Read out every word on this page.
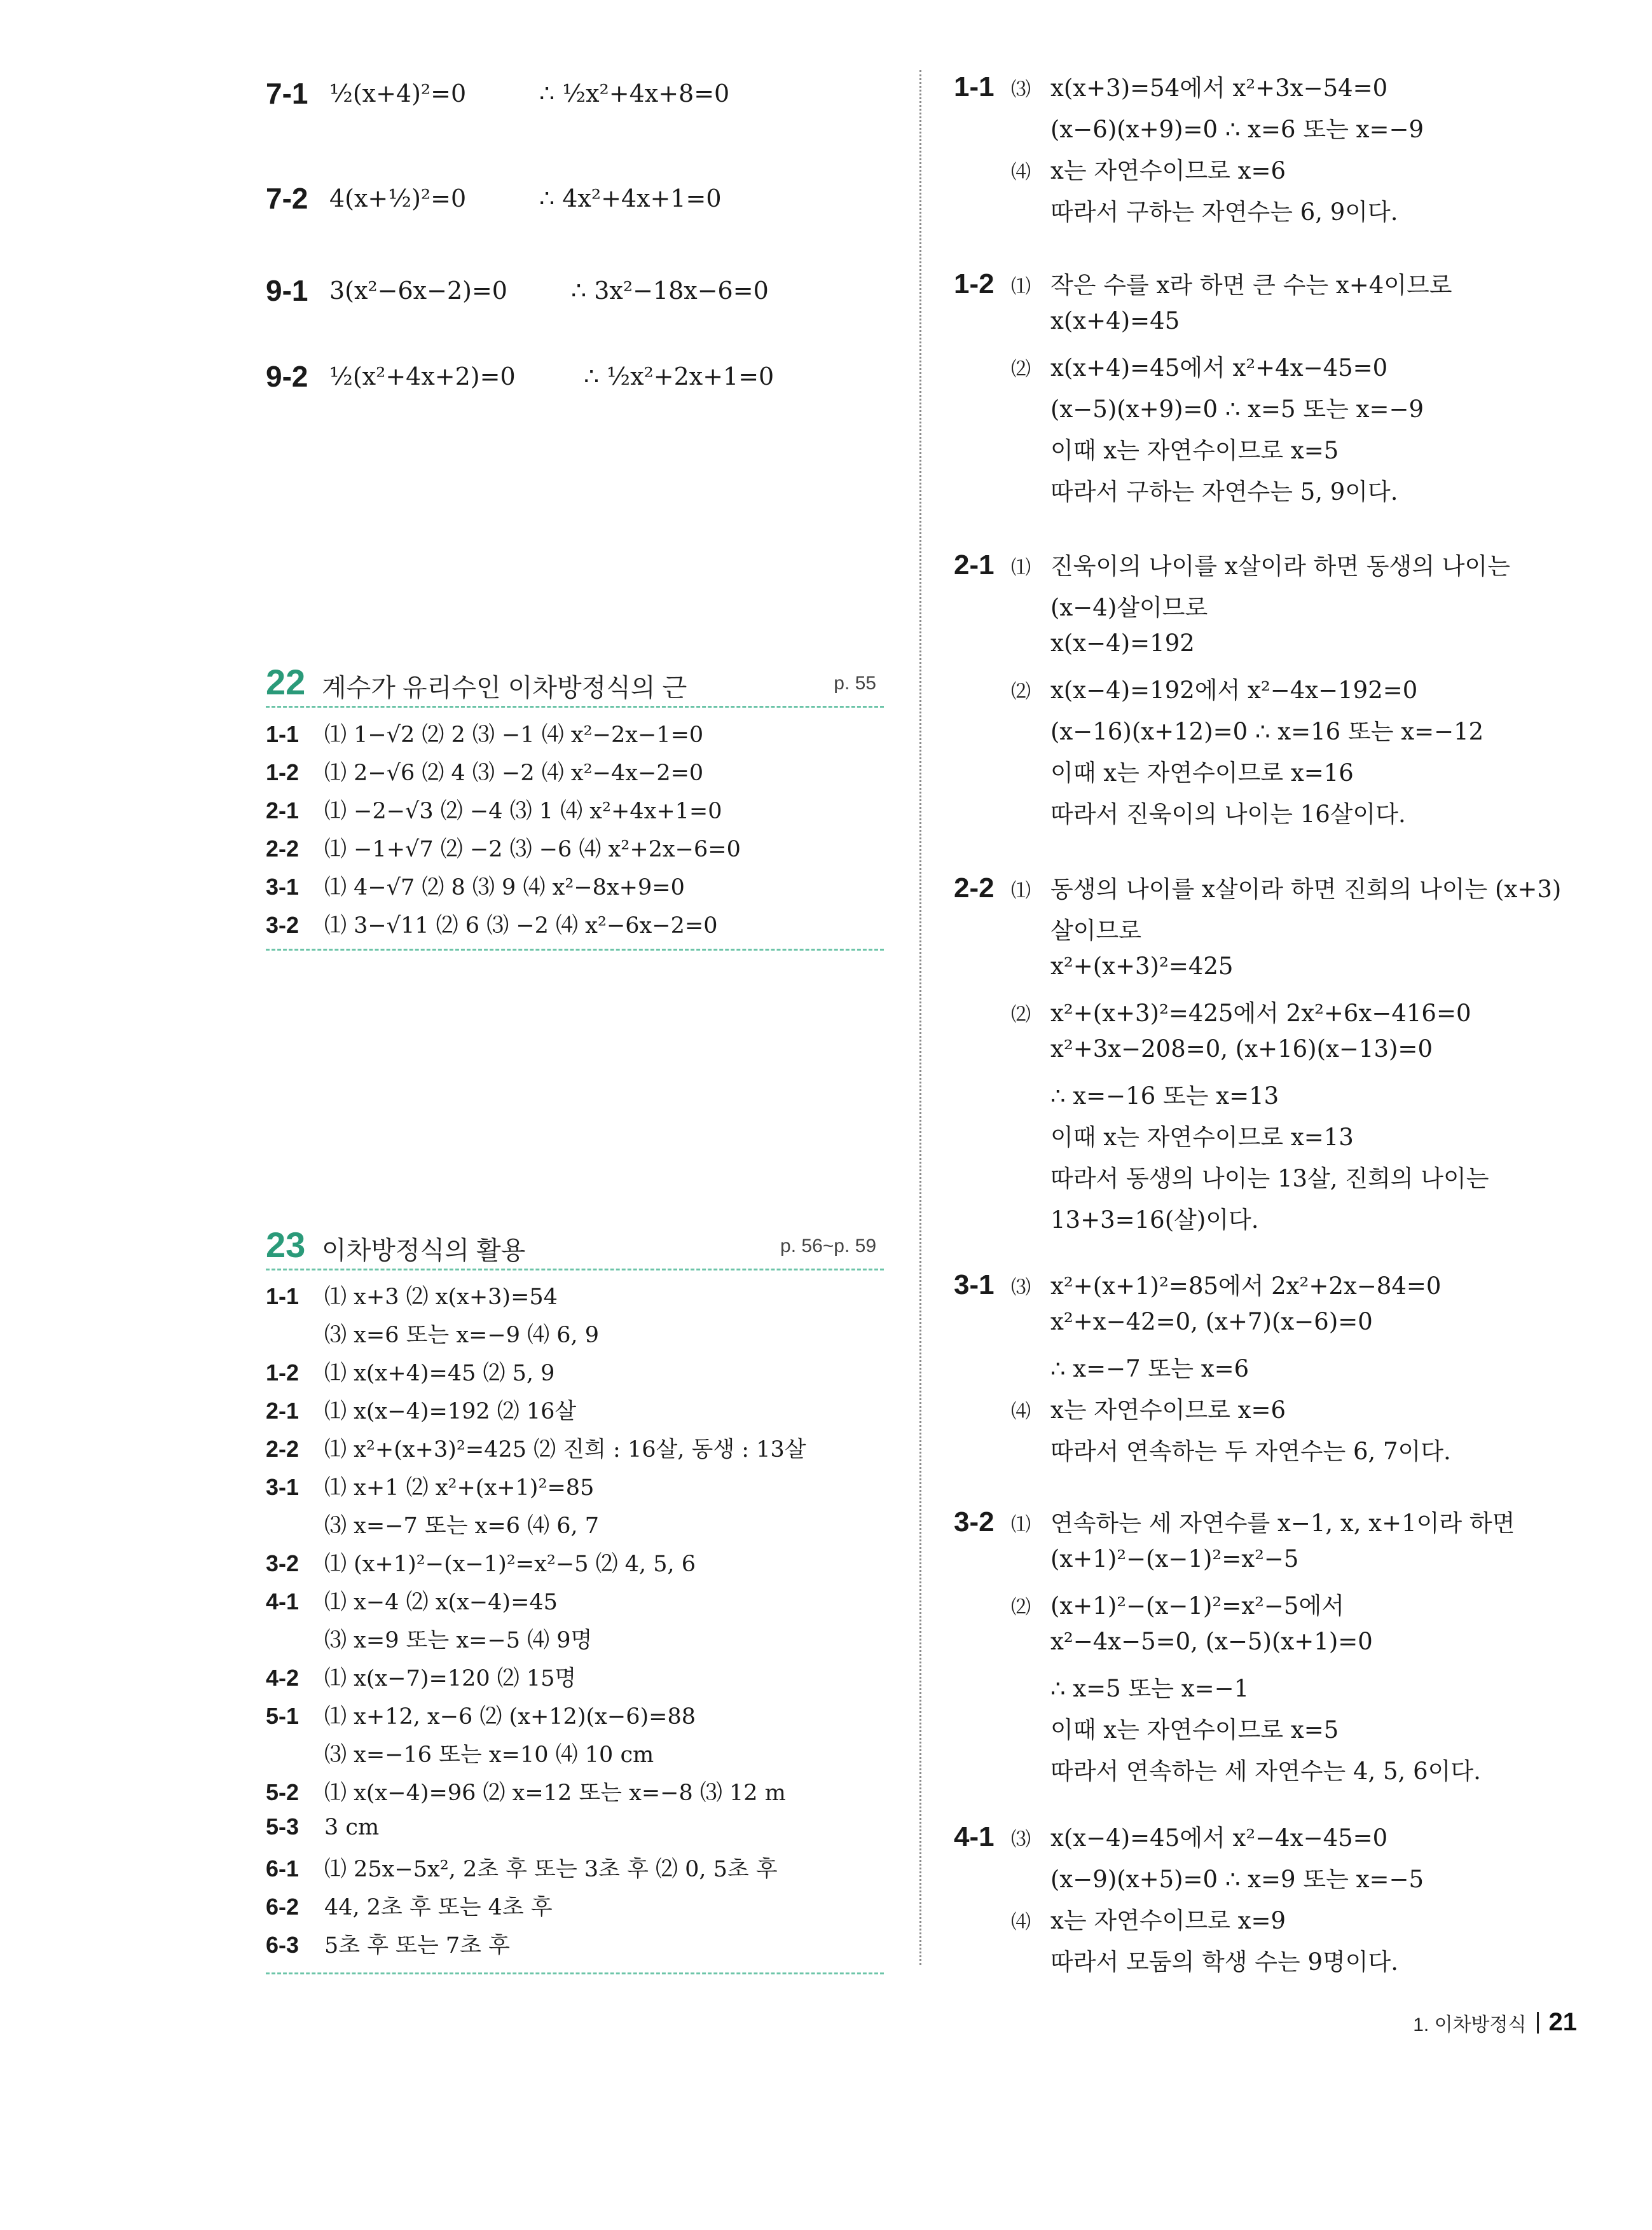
7-1 ½(x+4)²=0	∴ ½x²+4x+8=0
7-2 4(x+½)²=0	∴ 4x²+4x+1=0
9-1 3(x²−6x−2)=0	∴ 3x²−18x−6=0
9-2 ½(x²+4x+2)=0	∴ ½x²+2x+1=0
22 계수가 유리수인 이차방정식의 근	p. 55
1-1	⑴ 1−√2 ⑵ 2 ⑶ −1 ⑷ x²−2x−1=0
1-2	⑴ 2−√6 ⑵ 4 ⑶ −2 ⑷ x²−4x−2=0
2-1	⑴ −2−√3 ⑵ −4 ⑶ 1 ⑷ x²+4x+1=0
2-2	⑴ −1+√7 ⑵ −2 ⑶ −6 ⑷ x²+2x−6=0
3-1	⑴ 4−√7 ⑵ 8 ⑶ 9 ⑷ x²−8x+9=0
3-2	⑴ 3−√11 ⑵ 6 ⑶ −2 ⑷ x²−6x−2=0
23 이차방정식의 활용	p. 56~p. 59
1-1	⑴ x+3 ⑵ x(x+3)=54
⑶ x=6 또는 x=−9 ⑷ 6, 9
1-2	⑴ x(x+4)=45 ⑵ 5, 9
2-1	⑴ x(x−4)=192 ⑵ 16살
2-2	⑴ x²+(x+3)²=425 ⑵ 진희 : 16살, 동생 : 13살
3-1	⑴ x+1 ⑵ x²+(x+1)²=85
⑶ x=−7 또는 x=6 ⑷ 6, 7
3-2	⑴ (x+1)²−(x−1)²=x²−5 ⑵ 4, 5, 6
4-1	⑴ x−4 ⑵ x(x−4)=45
⑶ x=9 또는 x=−5 ⑷ 9명
4-2	⑴ x(x−7)=120 ⑵ 15명
5-1	⑴ x+12, x−6 ⑵ (x+12)(x−6)=88
⑶ x=−16 또는 x=10 ⑷ 10 cm
5-2	⑴ x(x−4)=96 ⑵ x=12 또는 x=−8 ⑶ 12 m
5-3	3 cm
6-1	⑴ 25x−5x², 2초 후 또는 3초 후 ⑵ 0, 5초 후
6-2	44, 2초 후 또는 4초 후
6-3	5초 후 또는 7초 후
1-1 ⑶ x(x+3)=54에서 x²+3x−54=0
(x−6)(x+9)=0 ∴ x=6 또는 x=−9
⑷ x는 자연수이므로 x=6
따라서 구하는 자연수는 6, 9이다.
1-2 ⑴ 작은 수를 x라 하면 큰 수는 x+4이므로
x(x+4)=45
⑵ x(x+4)=45에서 x²+4x−45=0
(x−5)(x+9)=0 ∴ x=5 또는 x=−9
이때 x는 자연수이므로 x=5
따라서 구하는 자연수는 5, 9이다.
2-1 ⑴ 진욱이의 나이를 x살이라 하면 동생의 나이는
(x−4)살이므로
x(x−4)=192
⑵ x(x−4)=192에서 x²−4x−192=0
(x−16)(x+12)=0 ∴ x=16 또는 x=−12
이때 x는 자연수이므로 x=16
따라서 진욱이의 나이는 16살이다.
2-2 ⑴ 동생의 나이를 x살이라 하면 진희의 나이는 (x+3)
살이므로
x²+(x+3)²=425
⑵ x²+(x+3)²=425에서 2x²+6x−416=0
x²+3x−208=0, (x+16)(x−13)=0
∴ x=−16 또는 x=13
이때 x는 자연수이므로 x=13
따라서 동생의 나이는 13살, 진희의 나이는
13+3=16(살)이다.
3-1 ⑶ x²+(x+1)²=85에서 2x²+2x−84=0
x²+x−42=0, (x+7)(x−6)=0
∴ x=−7 또는 x=6
⑷ x는 자연수이므로 x=6
따라서 연속하는 두 자연수는 6, 7이다.
3-2 ⑴ 연속하는 세 자연수를 x−1, x, x+1이라 하면
(x+1)²−(x−1)²=x²−5
⑵ (x+1)²−(x−1)²=x²−5에서
x²−4x−5=0, (x−5)(x+1)=0
∴ x=5 또는 x=−1
이때 x는 자연수이므로 x=5
따라서 연속하는 세 자연수는 4, 5, 6이다.
4-1 ⑶ x(x−4)=45에서 x²−4x−45=0
(x−9)(x+5)=0 ∴ x=9 또는 x=−5
⑷ x는 자연수이므로 x=9
따라서 모둠의 학생 수는 9명이다.
1. 이차방정식 21
